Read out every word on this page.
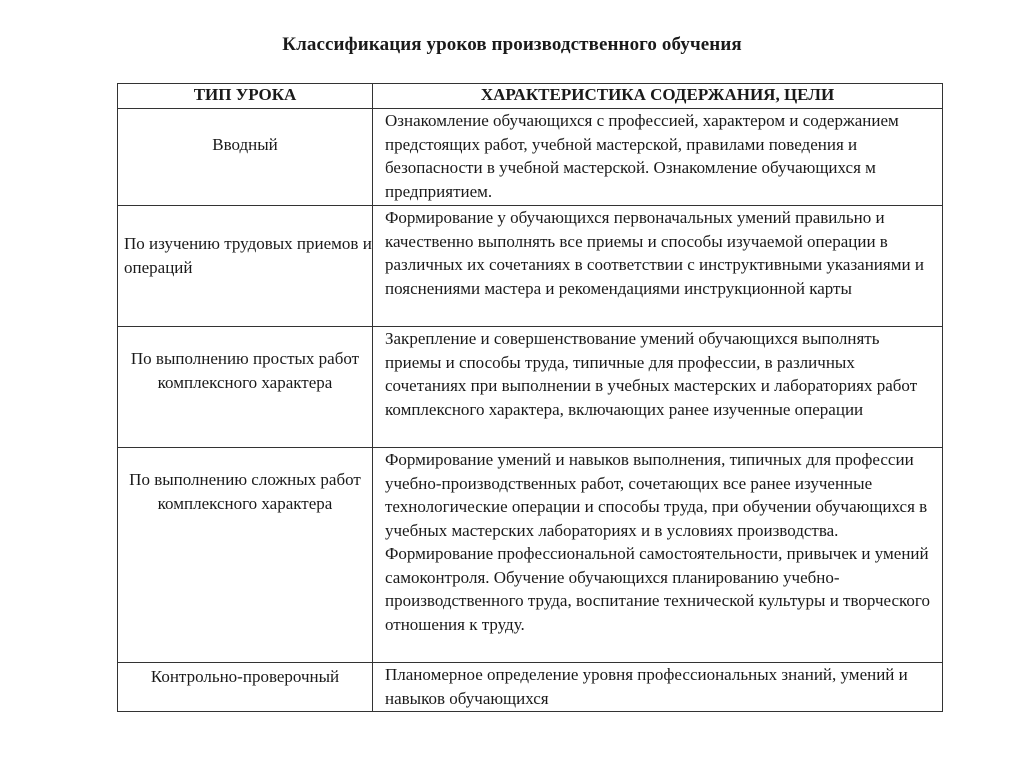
Классификация уроков производственного обучения
ТИП УРОКА	ХАРАКТЕРИСТИКА СОДЕРЖАНИЯ, ЦЕЛИ

Вводный	Ознакомление обучающихся с профессией, характером и содержанием предстоящих работ, учебной мастерской, правилами поведения и безопасности в учебной мастерской. Ознакомление обучающихся м предприятием.

По изучению трудовых приемов и операций	Формирование у обучающихся первоначальных умений правильно и качественно выполнять все приемы и способы изучаемой операции в различных их сочетаниях в соответствии с инструктивными указаниями и пояснениями мастера и рекомендациями инструкционной карты

По выполнению простых работ комплексного характера	Закрепление и совершенствование умений обучающихся выполнять приемы и способы труда, типичные для профессии, в различных сочетаниях при выполнении в учебных мастерских и лабораториях работ комплексного характера, включающих ранее изученные операции

По выполнению сложных работ комплексного характера	Формирование умений и навыков выполнения, типичных для профессии учебно-производственных работ, сочетающих все ранее изученные технологические операции и способы труда, при обучении обучающихся в учебных мастерских лабораториях и в условиях производства. Формирование профессиональной самостоятельности, привычек и умений самоконтроля. Обучение обучающихся планированию учебно-производственного труда, воспитание технической культуры и творческого отношения к труду.

Контрольно-проверочный	Планомерное определение уровня профессиональных знаний, умений и навыков обучающихся
